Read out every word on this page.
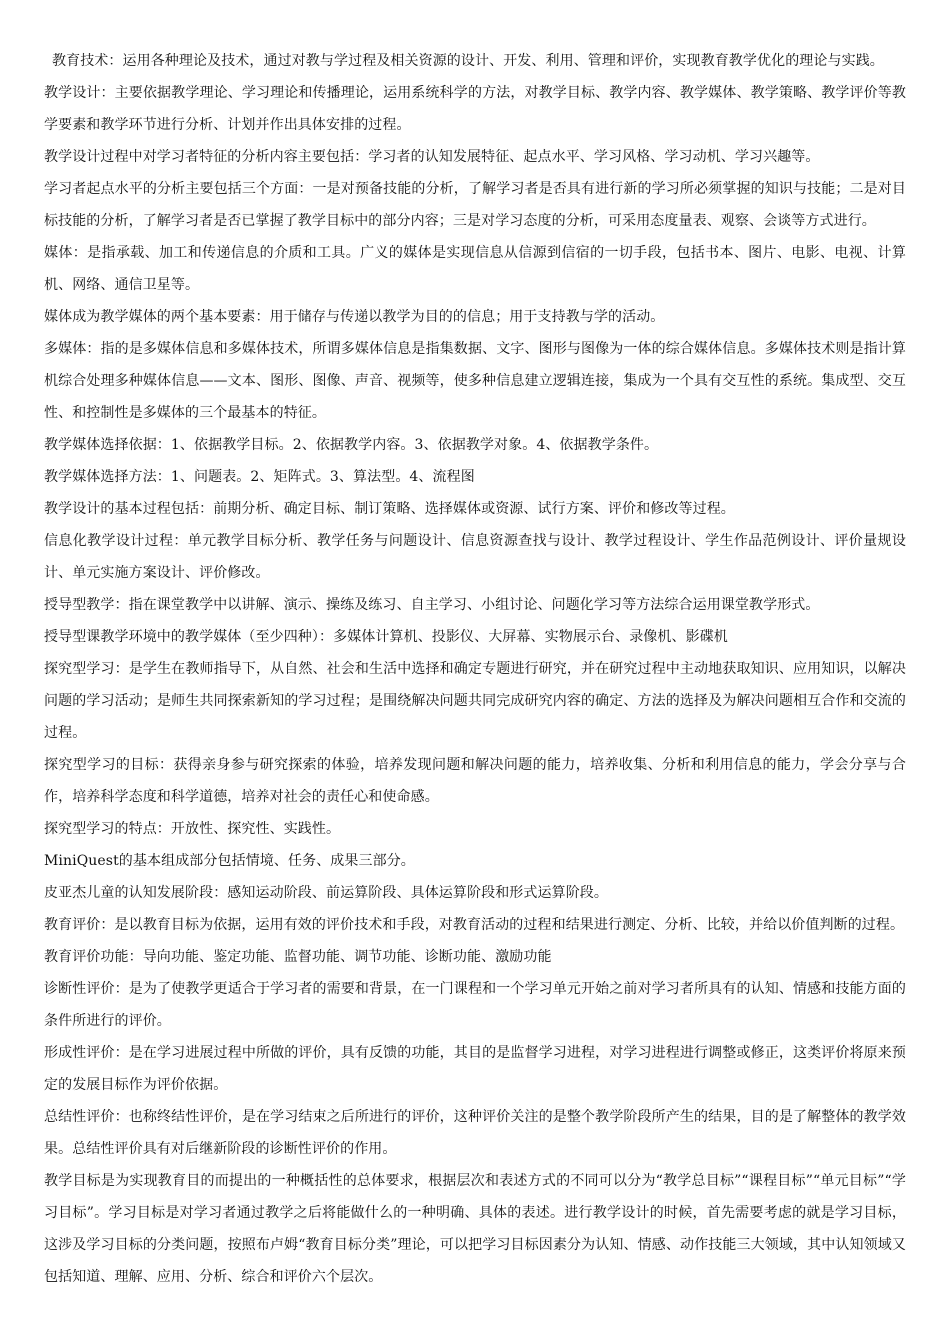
教育技术：运用各种理论及技术，通过对教与学过程及相关资源的设计、开发、利用、管理和评价，实现教育教学优化的理论与实践。

教学设计：主要依据教学理论、学习理论和传播理论，运用系统科学的方法，对教学目标、教学内容、教学媒体、教学策略、教学评价等教学要素和教学环节进行分析、计划并作出具体安排的过程。

教学设计过程中对学习者特征的分析内容主要包括：学习者的认知发展特征、起点水平、学习风格、学习动机、学习兴趣等。

学习者起点水平的分析主要包括三个方面：一是对预备技能的分析，了解学习者是否具有进行新的学习所必须掌握的知识与技能；二是对目标技能的分析，了解学习者是否已掌握了教学目标中的部分内容；三是对学习态度的分析，可采用态度量表、观察、会谈等方式进行。

媒体：是指承载、加工和传递信息的介质和工具。广义的媒体是实现信息从信源到信宿的一切手段，包括书本、图片、电影、电视、计算机、网络、通信卫星等。

媒体成为教学媒体的两个基本要素：用于储存与传递以教学为目的的信息；用于支持教与学的活动。

多媒体：指的是多媒体信息和多媒体技术，所谓多媒体信息是指集数据、文字、图形与图像为一体的综合媒体信息。多媒体技术则是指计算机综合处理多种媒体信息——文本、图形、图像、声音、视频等，使多种信息建立逻辑连接，集成为一个具有交互性的系统。集成型、交互性、和控制性是多媒体的三个最基本的特征。

教学媒体选择依据：1、依据教学目标。2、依据教学内容。3、依据教学对象。4、依据教学条件。

教学媒体选择方法：1、问题表。2、矩阵式。3、算法型。4、流程图

教学设计的基本过程包括：前期分析、确定目标、制订策略、选择媒体或资源、试行方案、评价和修改等过程。

信息化教学设计过程：单元教学目标分析、教学任务与问题设计、信息资源查找与设计、教学过程设计、学生作品范例设计、评价量规设计、单元实施方案设计、评价修改。

授导型教学：指在课堂教学中以讲解、演示、操练及练习、自主学习、小组讨论、问题化学习等方法综合运用课堂教学形式。

授导型课教学环境中的教学媒体（至少四种）：多媒体计算机、投影仪、大屏幕、实物展示台、录像机、影碟机

探究型学习：是学生在教师指导下，从自然、社会和生活中选择和确定专题进行研究，并在研究过程中主动地获取知识、应用知识，以解决问题的学习活动；是师生共同探索新知的学习过程；是围绕解决问题共同完成研究内容的确定、方法的选择及为解决问题相互合作和交流的过程。

探究型学习的目标：获得亲身参与研究探索的体验，培养发现问题和解决问题的能力，培养收集、分析和利用信息的能力，学会分享与合作，培养科学态度和科学道德，培养对社会的责任心和使命感。

探究型学习的特点：开放性、探究性、实践性。

MiniQuest的基本组成部分包括情境、任务、成果三部分。

皮亚杰儿童的认知发展阶段：感知运动阶段、前运算阶段、具体运算阶段和形式运算阶段。

教育评价：是以教育目标为依据，运用有效的评价技术和手段，对教育活动的过程和结果进行测定、分析、比较，并给以价值判断的过程。

教育评价功能：导向功能、鉴定功能、监督功能、调节功能、诊断功能、激励功能

诊断性评价：是为了使教学更适合于学习者的需要和背景，在一门课程和一个学习单元开始之前对学习者所具有的认知、情感和技能方面的条件所进行的评价。

形成性评价：是在学习进展过程中所做的评价，具有反馈的功能，其目的是监督学习进程，对学习进程进行调整或修正，这类评价将原来预定的发展目标作为评价依据。

总结性评价：也称终结性评价，是在学习结束之后所进行的评价，这种评价关注的是整个教学阶段所产生的结果，目的是了解整体的教学效果。总结性评价具有对后继新阶段的诊断性评价的作用。

教学目标是为实现教育目的而提出的一种概括性的总体要求，根据层次和表述方式的不同可以分为“教学总目标”“课程目标”“单元目标”“学习目标”。学习目标是对学习者通过教学之后将能做什么的一种明确、具体的表述。进行教学设计的时候，首先需要考虑的就是学习目标，这涉及学习目标的分类问题，按照布卢姆“教育目标分类”理论，可以把学习目标因素分为认知、情感、动作技能三大领域，其中认知领域又包括知道、理解、应用、分析、综合和评价六个层次。
